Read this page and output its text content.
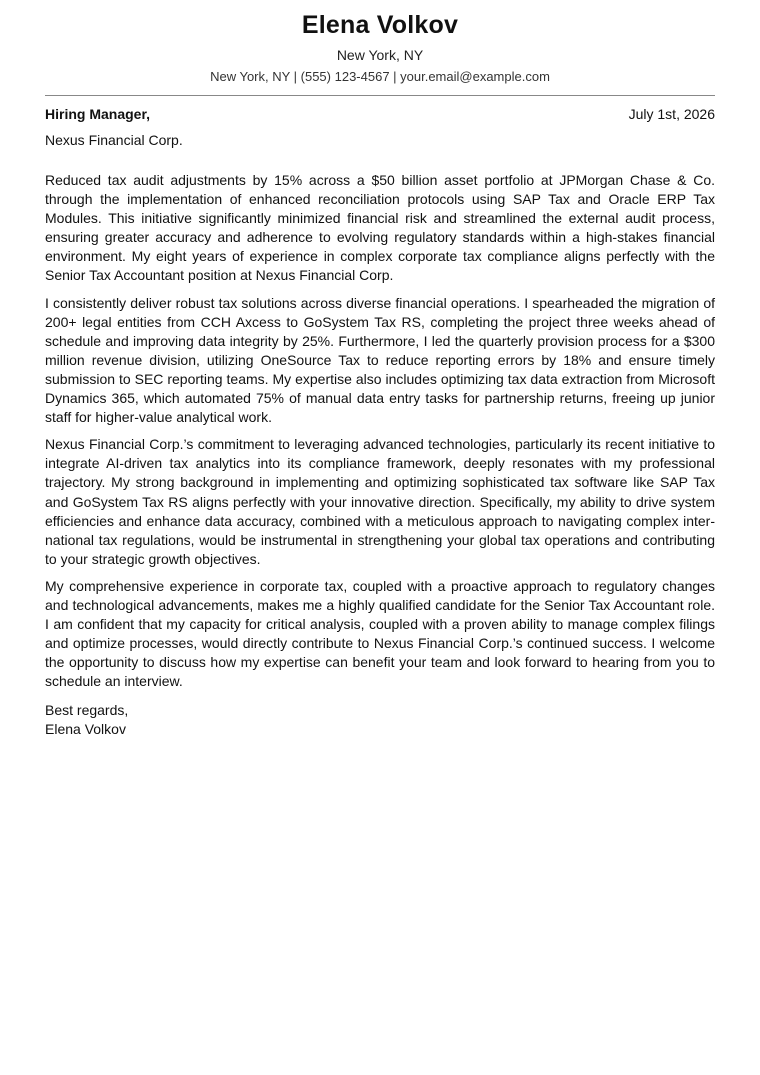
Elena Volkov
New York, NY
New York, NY | (555) 123-4567 | your.email@example.com
Hiring Manager,	July 1st, 2026
Nexus Financial Corp.

Reduced tax audit adjustments by 15% across a $50 billion asset portfolio at JPMorgan Chase & Co. through the implementation of enhanced reconciliation protocols using SAP Tax and Oracle ERP Tax Modules. This initiative significantly minimized financial risk and streamlined the external audit process, ensuring greater accuracy and adherence to evolving regulatory standards within a high-stakes financial environment. My eight years of experience in complex corporate tax compliance aligns perfectly with the Senior Tax Accountant position at Nexus Financial Corp.

I consistently deliver robust tax solutions across diverse financial operations. I spearheaded the migration of 200+ legal entities from CCH Axcess to GoSystem Tax RS, completing the project three weeks ahead of schedule and improving data integrity by 25%. Furthermore, I led the quarterly provision process for a $300 million revenue division, utilizing OneSource Tax to reduce reporting errors by 18% and ensure timely submission to SEC reporting teams. My expertise also includes optimizing tax data extraction from Microsoft Dynamics 365, which automated 75% of manual data entry tasks for partnership returns, freeing up junior staff for higher-value analytical work.

Nexus Financial Corp.’s commitment to leveraging advanced technologies, particularly its recent initiative to integrate AI-driven tax analytics into its compliance framework, deeply resonates with my professional trajectory. My strong background in implementing and optimizing sophisticated tax software like SAP Tax and GoSystem Tax RS aligns perfectly with your innovative direction. Specifically, my ability to drive system efficiencies and enhance data accuracy, combined with a meticulous approach to navigating complex international tax regulations, would be instrumental in strengthening your global tax operations and contributing to your strategic growth objectives.

My comprehensive experience in corporate tax, coupled with a proactive approach to regulatory changes and technological advancements, makes me a highly qualified candidate for the Senior Tax Accountant role. I am confident that my capacity for critical analysis, coupled with a proven ability to manage complex filings and optimize processes, would directly contribute to Nexus Financial Corp.’s continued success. I welcome the opportunity to discuss how my expertise can benefit your team and look forward to hearing from you to schedule an interview.

Best regards,
Elena Volkov
